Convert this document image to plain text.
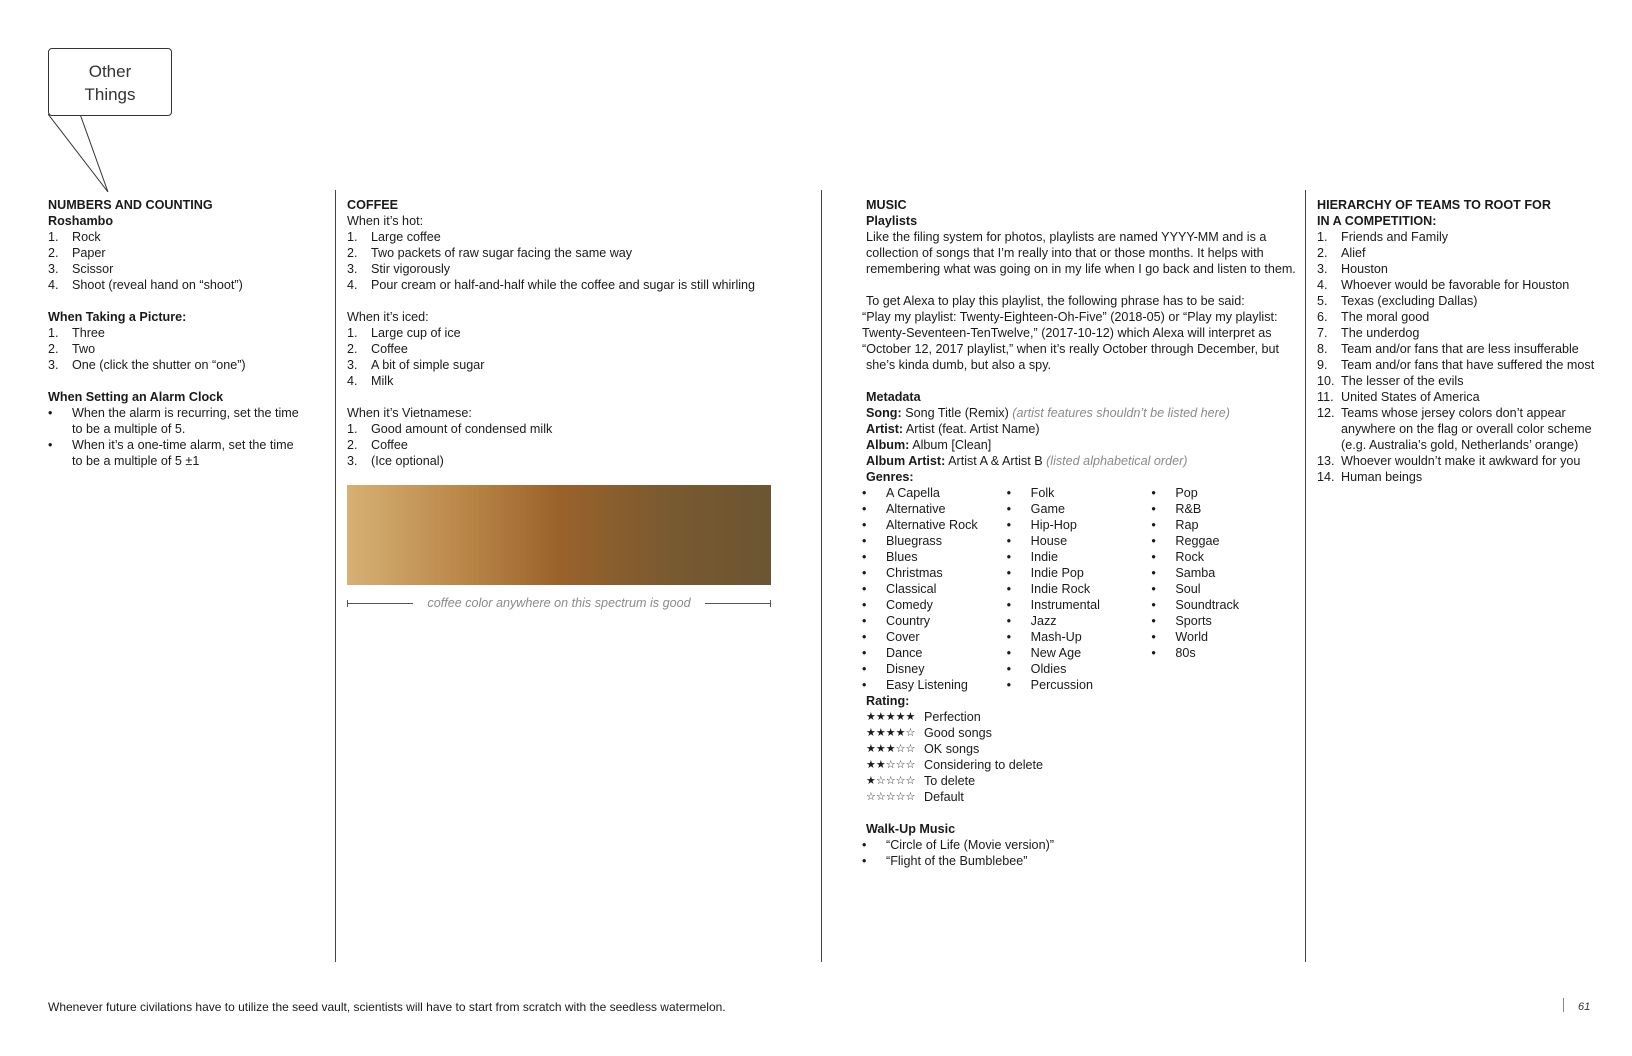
Other
Things
NUMBERS AND COUNTING
Roshambo
1. Rock
2. Paper
3. Scissor
4. Shoot (reveal hand on “shoot”)
When Taking a Picture:
1. Three
2. Two
3. One (click the shutter on “one”)
When Setting an Alarm Clock
• When the alarm is recurring, set the time
to be a multiple of 5.
• When it’s a one-time alarm, set the time
to be a multiple of 5 ±1
COFFEE
When it’s hot:
1. Large coffee
2. Two packets of raw sugar facing the same way
3. Stir vigorously
4. Pour cream or half-and-half while the coffee and sugar is still whirling
When it’s iced:
1. Large cup of ice
2. Coffee
3. A bit of simple sugar
4. Milk
When it’s Vietnamese:
1. Good amount of condensed milk
2. Coffee
3. (Ice optional)
coffee color anywhere on this spectrum is good
MUSIC
Playlists
Like the filing system for photos, playlists are named YYYY-MM and is a
collection of songs that I’m really into that or those months. It helps with
remembering what was going on in my life when I go back and listen to them.
To get Alexa to play this playlist, the following phrase has to be said:
“Play my playlist: Twenty-Eighteen-Oh-Five” (2018-05) or “Play my playlist:
Twenty-Seventeen-TenTwelve,” (2017-10-12) which Alexa will interpret as
“October 12, 2017 playlist,” when it’s really October through December, but
she’s kinda dumb, but also a spy.
Metadata
Song: Song Title (Remix) (artist features shouldn’t be listed here)
Artist: Artist (feat. Artist Name)
Album: Album [Clean]
Album Artist: Artist A & Artist B (listed alphabetical order)
Genres:
• A Capella
• Alternative
• Alternative Rock
• Bluegrass
• Blues
• Christmas
• Classical
• Comedy
• Country
• Cover
• Dance
• Disney
• Easy Listening
• Folk
• Game
• Hip-Hop
• House
• Indie
• Indie Pop
• Indie Rock
• Instrumental
• Jazz
• Mash-Up
• New Age
• Oldies
• Percussion
• Pop
• R&B
• Rap
• Reggae
• Rock
• Samba
• Soul
• Soundtrack
• Sports
• World
• 80s
Rating:
★★★★★ Perfection
★★★★☆ Good songs
★★★☆☆ OK songs
★★☆☆☆ Considering to delete
★☆☆☆☆ To delete
☆☆☆☆☆ Default
Walk-Up Music
• “Circle of Life (Movie version)”
• “Flight of the Bumblebee”
HIERARCHY OF TEAMS TO ROOT FOR
IN A COMPETITION:
1. Friends and Family
2. Alief
3. Houston
4. Whoever would be favorable for Houston
5. Texas (excluding Dallas)
6. The moral good
7. The underdog
8. Team and/or fans that are less insufferable
9. Team and/or fans that have suffered the most
10. The lesser of the evils
11. United States of America
12. Teams whose jersey colors don’t appear
anywhere on the flag or overall color scheme
(e.g. Australia’s gold, Netherlands’ orange)
13. Whoever wouldn’t make it awkward for you
14. Human beings
Whenever future civilations have to utilize the seed vault, scientists will have to start from scratch with the seedless watermelon.	61
